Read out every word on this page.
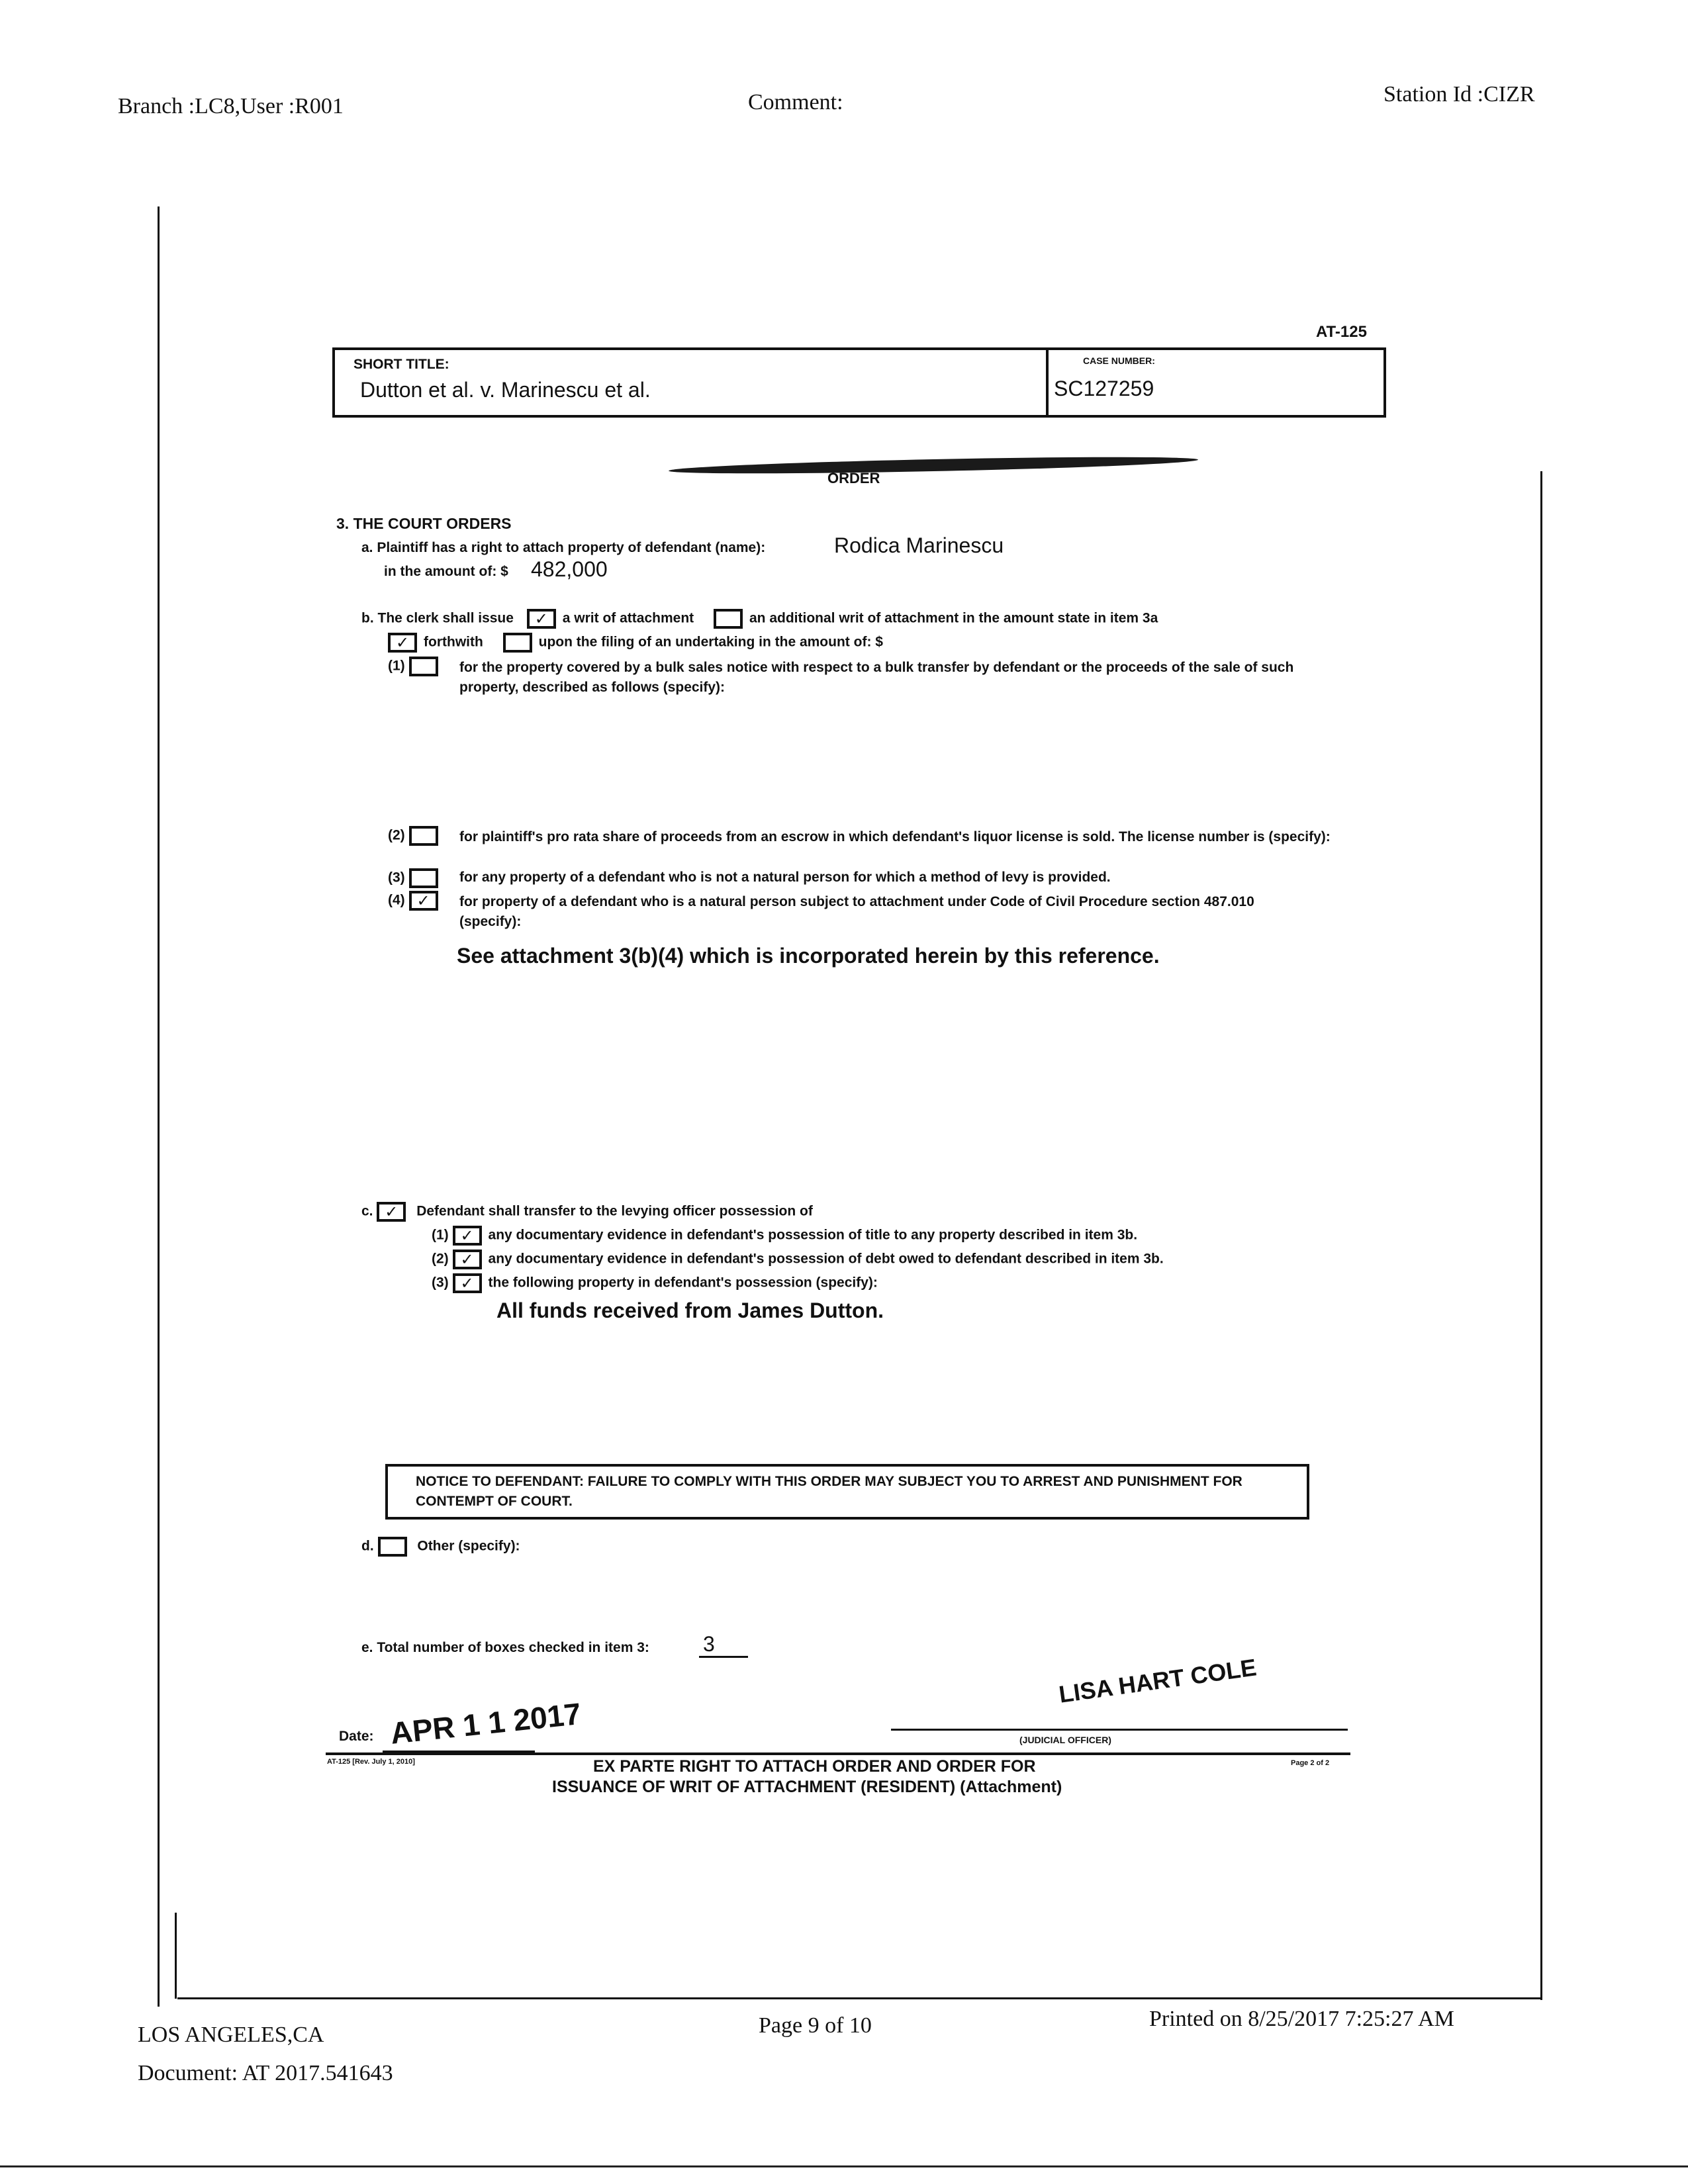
Branch :LC8,User :R001	Comment:	Station Id :CIZR
AT-125
SHORT TITLE:
Dutton et al. v. Marinescu et al.
CASE NUMBER:
SC127259
ORDER
3. THE COURT ORDERS
a. Plaintiff has a right to attach property of defendant (name):	Rodica Marinescu
in the amount of: $ 482,000
b. The clerk shall issue ✓ a writ of attachment	an additional writ of attachment in the amount state in item 3a
✓ forthwith	upon the filing of an undertaking in the amount of: $
(1)	for the property covered by a bulk sales notice with respect to a bulk transfer by defendant or the proceeds of the sale of such property, described as follows (specify):
(2)	for plaintiff's pro rata share of proceeds from an escrow in which defendant's liquor license is sold. The license number is (specify):
(3)	for any property of a defendant who is not a natural person for which a method of levy is provided.
(4) ✓	for property of a defendant who is a natural person subject to attachment under Code of Civil Procedure section 487.010 (specify):
See attachment 3(b)(4) which is incorporated herein by this reference.
c. ✓ Defendant shall transfer to the levying officer possession of
(1) ✓ any documentary evidence in defendant's possession of title to any property described in item 3b.
(2) ✓ any documentary evidence in defendant's possession of debt owed to defendant described in item 3b.
(3) ✓ the following property in defendant's possession (specify):
All funds received from James Dutton.
NOTICE TO DEFENDANT: FAILURE TO COMPLY WITH THIS ORDER MAY SUBJECT YOU TO ARREST AND PUNISHMENT FOR CONTEMPT OF COURT.
d.	Other (specify):
e. Total number of boxes checked in item 3:	3
Date: APR 1 1 2017
LISA HART COLE
(JUDICIAL OFFICER)
AT-125 [Rev. July 1, 2010]	EX PARTE RIGHT TO ATTACH ORDER AND ORDER FOR
ISSUANCE OF WRIT OF ATTACHMENT (RESIDENT) (Attachment)
Page 2 of 2
LOS ANGELES,CA
Document: AT 2017.541643
Page 9 of 10	Printed on 8/25/2017 7:25:27 AM
